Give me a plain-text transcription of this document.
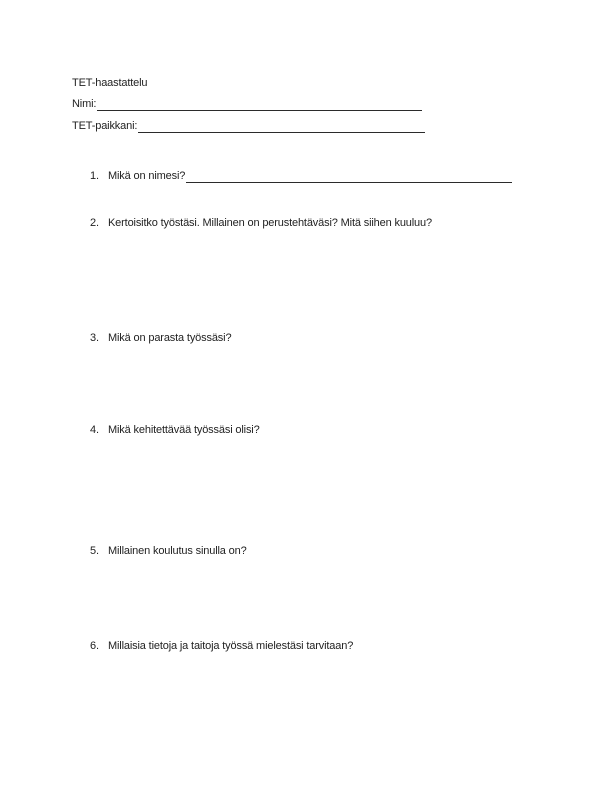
TET-haastattelu
Nimi:
TET-paikkani:
1. Mikä on nimesi?
2. Kertoisitko työstäsi. Millainen on perustehtäväsi? Mitä siihen kuuluu?
3. Mikä on parasta työssäsi?
4. Mikä kehitettävää työssäsi olisi?
5. Millainen koulutus sinulla on?
6. Millaisia tietoja ja taitoja työssä mielestäsi tarvitaan?
